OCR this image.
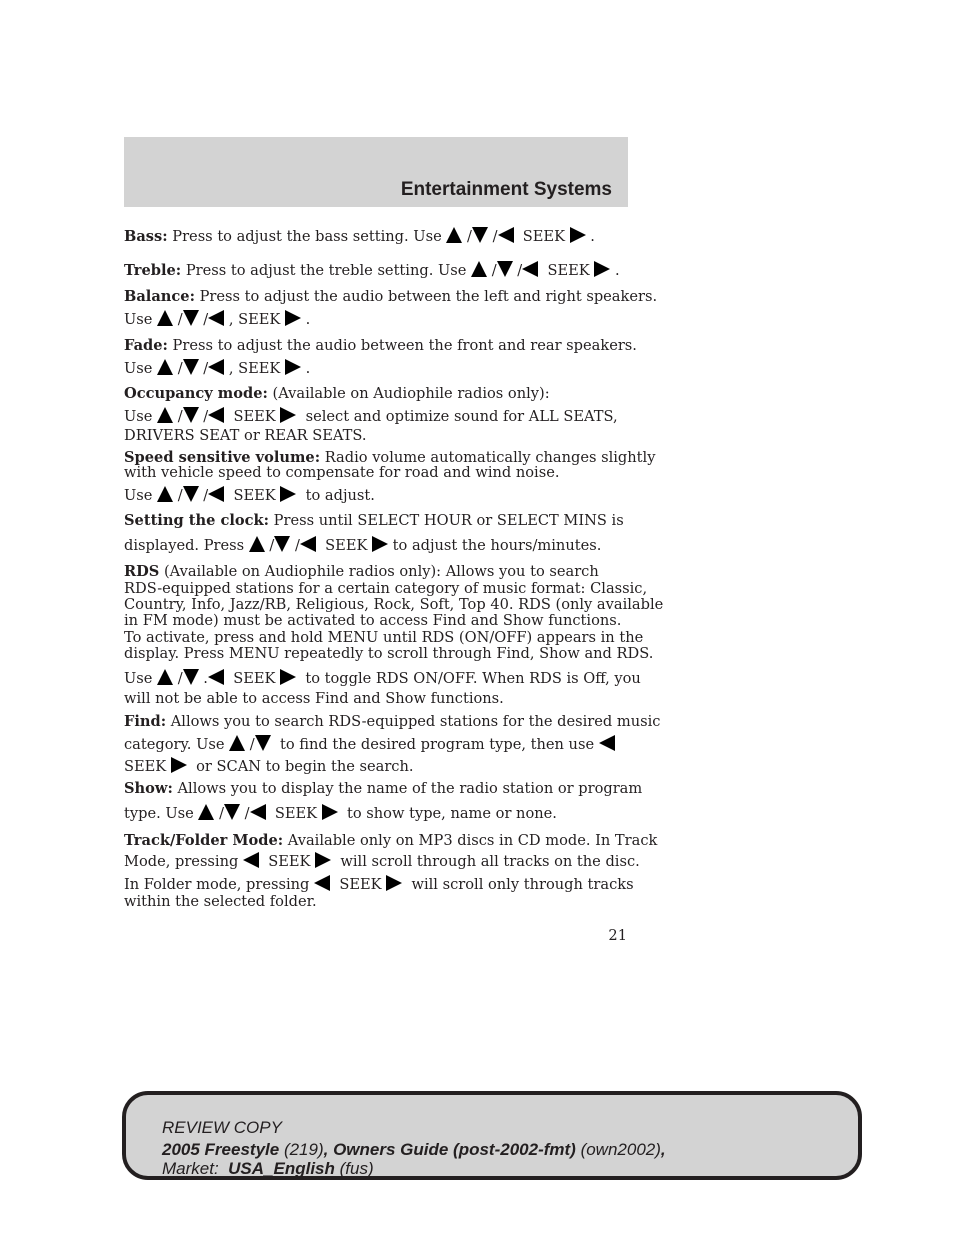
Entertainment Systems
Bass: Press to adjust the bass setting. Use  / / SEEK .
Treble: Press to adjust the treble setting. Use  / / SEEK .
Balance: Press to adjust the audio between the left and right speakers.
Use  / / , SEEK .
Fade: Press to adjust the audio between the front and rear speakers.
Use  / / , SEEK .
Occupancy mode: (Available on Audiophile radios only):
Use  / / SEEK select and optimize sound for ALL SEATS,
DRIVERS SEAT or REAR SEATS.
Speed sensitive volume: Radio volume automatically changes slightly
with vehicle speed to compensate for road and wind noise.
Use  / / SEEK to adjust.
Setting the clock: Press until SELECT HOUR or SELECT MINS is
displayed. Press  / / SEEK to adjust the hours/minutes.
RDS (Available on Audiophile radios only): Allows you to search
RDS-equipped stations for a certain category of music format: Classic,
Country, Info, Jazz/RB, Religious, Rock, Soft, Top 40. RDS (only available
in FM mode) must be activated to access Find and Show functions.
To activate, press and hold MENU until RDS (ON/OFF) appears in the
display. Press MENU repeatedly to scroll through Find, Show and RDS.
Use  / . SEEK to toggle RDS ON/OFF. When RDS is Off, you
will not be able to access Find and Show functions.
Find: Allows you to search RDS-equipped stations for the desired music
category. Use  / to find the desired program type, then use
SEEK or SCAN to begin the search.
Show: Allows you to display the name of the radio station or program
type. Use  / / SEEK to show type, name or none.
Track/Folder Mode: Available only on MP3 discs in CD mode. In Track
Mode, pressing SEEK will scroll through all tracks on the disc.
In Folder mode, pressing SEEK will scroll only through tracks
within the selected folder.
21
REVIEW COPY
2005 Freestyle (219), Owners Guide (post-2002-fmt) (own2002),
Market: USA_English (fus)
